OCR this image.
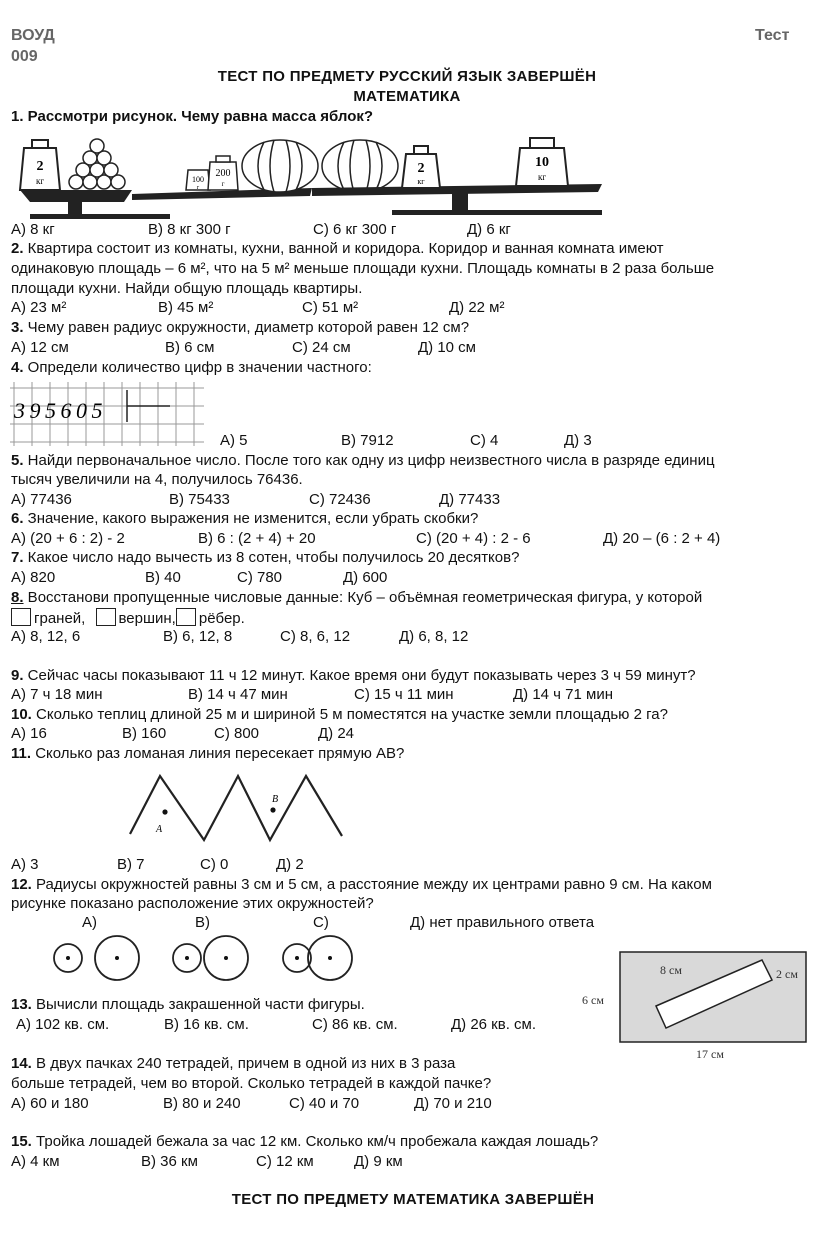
ВОУД
009
Тест
ТЕСТ ПО ПРЕДМЕТУ РУССКИЙ ЯЗЫК ЗАВЕРШЁН
МАТЕМАТИКА
1. Рассмотри рисунок. Чему равна масса яблок?
2
кг	100
г
200
г
2
кг
10
кг
А) 8 кг	В) 8 кг 300 г	С) 6 кг 300 г	Д) 6 кг
2. Квартира состоит из комнаты, кухни, ванной и коридора. Коридор и ванная комната имеют
одинаковую площадь – 6 м², что на 5 м² меньше площади кухни. Площадь комнаты в 2 раза больше
площади кухни. Найди общую площадь квартиры.
А) 23 м²	В) 45 м²	С) 51 м²	Д) 22 м²
3. Чему равен радиус окружности, диаметр которой равен 12 см?
А) 12 см	В) 6 см	С) 24 см	Д) 10 см
4. Определи количество цифр в значении частного:
395605
А) 5	В) 7912	С) 4	Д) 3
5. Найди первоначальное число. После того как одну из цифр неизвестного числа в разряде единиц
тысяч увеличили на 4, получилось 76436.
А) 77436	В) 75433	С) 72436	Д) 77433
6. Значение, какого выражения не изменится, если убрать скобки?
А) (20 + 6 : 2) - 2	В) 6 : (2 + 4) + 20	С) (20 + 4) : 2 - 6	Д) 20 – (6 : 2 + 4)
7. Какое число надо вычесть из 8 сотен, чтобы получилось 20 десятков?
А) 820	В) 40	С) 780	Д) 600
8. Восстанови пропущенные числовые данные: Куб – объёмная геометрическая фигура, у которой
граней, вершин, рёбер.
А) 8, 12, 6	В) 6, 12, 8	С) 8, 6, 12	Д) 6, 8, 12
9. Сейчас часы показывают 11 ч 12 минут. Какое время они будут показывать через 3 ч 59 минут?
А) 7 ч 18 мин	В) 14 ч 47 мин	С) 15 ч 11 мин	Д) 14 ч 71 мин
10. Сколько теплиц длиной 25 м и шириной 5 м поместятся на участке земли площадью 2 га?
А) 16	В) 160	С) 800	Д) 24
11. Сколько раз ломаная линия пересекает прямую АВ?
A
B
А) 3	В) 7	С) 0	Д) 2
12. Радиусы окружностей равны 3 см и 5 см, а расстояние между их центрами равно 9 см. На каком
рисунке показано расположение этих окружностей?
А)	В)	С)	Д) нет правильного ответа
13. Вычисли площадь закрашенной части фигуры.
А) 102 кв. см.	В) 16 кв. см.	С) 86 кв. см.	Д) 26 кв. см.
8 см	2 см
6 см
17 см
14. В двух пачках 240 тетрадей, причем в одной из них в 3 раза
больше тетрадей, чем во второй. Сколько тетрадей в каждой пачке?
А) 60 и 180	В) 80 и 240	С) 40 и 70	Д) 70 и 210
15. Тройка лошадей бежала за час 12 км. Сколько км/ч пробежала каждая лошадь?
А) 4 км	В) 36 км	С) 12 км	Д) 9 км
ТЕСТ ПО ПРЕДМЕТУ МАТЕМАТИКА ЗАВЕРШЁН
